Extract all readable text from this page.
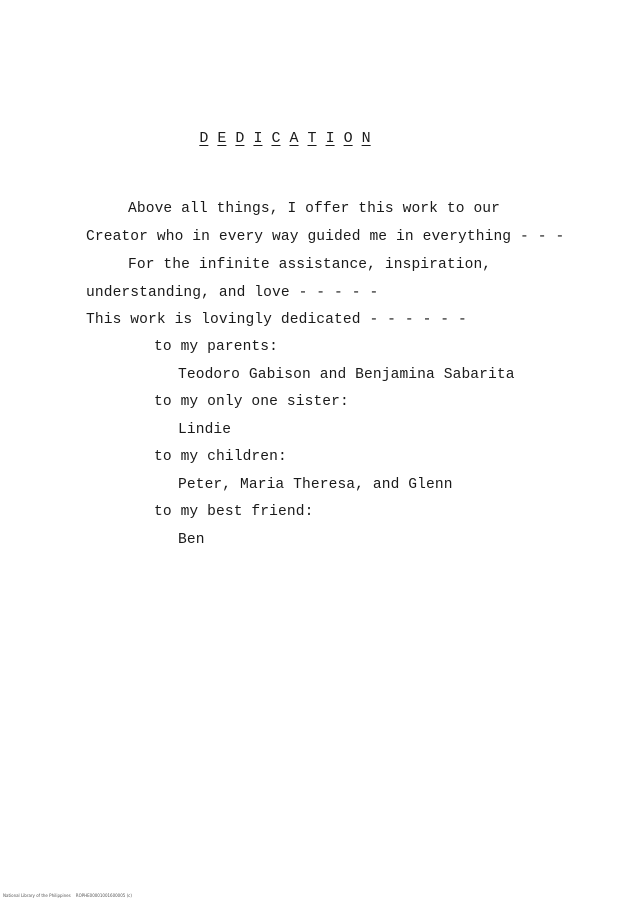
D E D I C A T I O N
Above all things, I offer this work to our
Creator who in every way guided me in everything - - -
For the infinite assistance, inspiration,
understanding, and love - - - - -
This work is lovingly dedicated - - - - - -
to my parents:
Teodoro Gabison and Benjamina Sabarita
to my only one sister:
Lindie
to my children:
Peter, Maria Theresa, and Glenn
to my best friend:
Ben
National Library of the Philippines    ROPHE00001001600005 (c)
